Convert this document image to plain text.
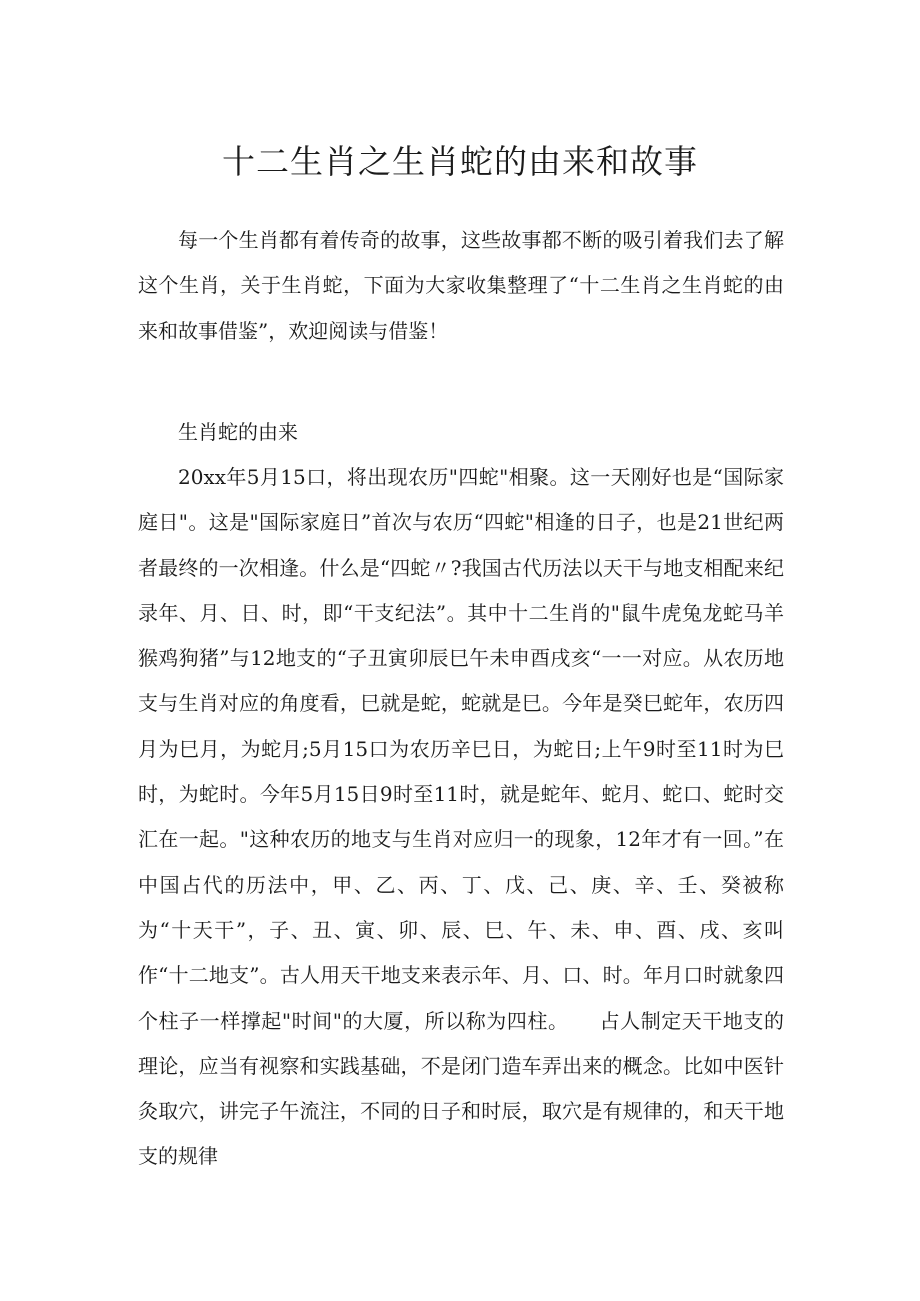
十二生肖之生肖蛇的由来和故事

每一个生肖都有着传奇的故事，这些故事都不断的吸引着我们去了解这个生肖，关于生肖蛇，下面为大家收集整理了“十二生肖之生肖蛇的由来和故事借鉴”，欢迎阅读与借鉴！

生肖蛇的由来

20xx年5月15口，将出现农历"四蛇"相聚。这一天刚好也是“国际家庭日"。这是"国际家庭日”首次与农历“四蛇"相逢的日子，也是21世纪两者最终的一次相逢。什么是“四蛇〃?我国古代历法以天干与地支相配来纪录年、月、日、时，即“干支纪法”。其中十二生肖的"鼠牛虎兔龙蛇马羊猴鸡狗猪”与12地支的“子丑寅卯辰巳午未申酉戌亥“一一对应。从农历地支与生肖对应的角度看，巳就是蛇，蛇就是巳。今年是癸巳蛇年，农历四月为巳月，为蛇月;5月15口为农历辛巳日，为蛇日;上午9时至11时为巳时，为蛇时。今年5月15日9时至11时，就是蛇年、蛇月、蛇口、蛇时交汇在一起。"这种农历的地支与生肖对应归一的现象，12年才有一回。”在中国占代的历法中，甲、乙、丙、丁、戊、己、庚、辛、壬、癸被称为“十天干”，子、丑、寅、卯、辰、巳、午、未、申、酉、戌、亥叫作“十二地支”。古人用天干地支来表示年、月、口、时。年月口时就象四个柱子一样撑起"时间"的大厦，所以称为四柱。　　占人制定天干地支的理论，应当有视察和实践基础，不是闭门造车弄出来的概念。比如中医针灸取穴，讲完子午流注，不同的日子和时辰，取穴是有规律的，和天干地支的规律
